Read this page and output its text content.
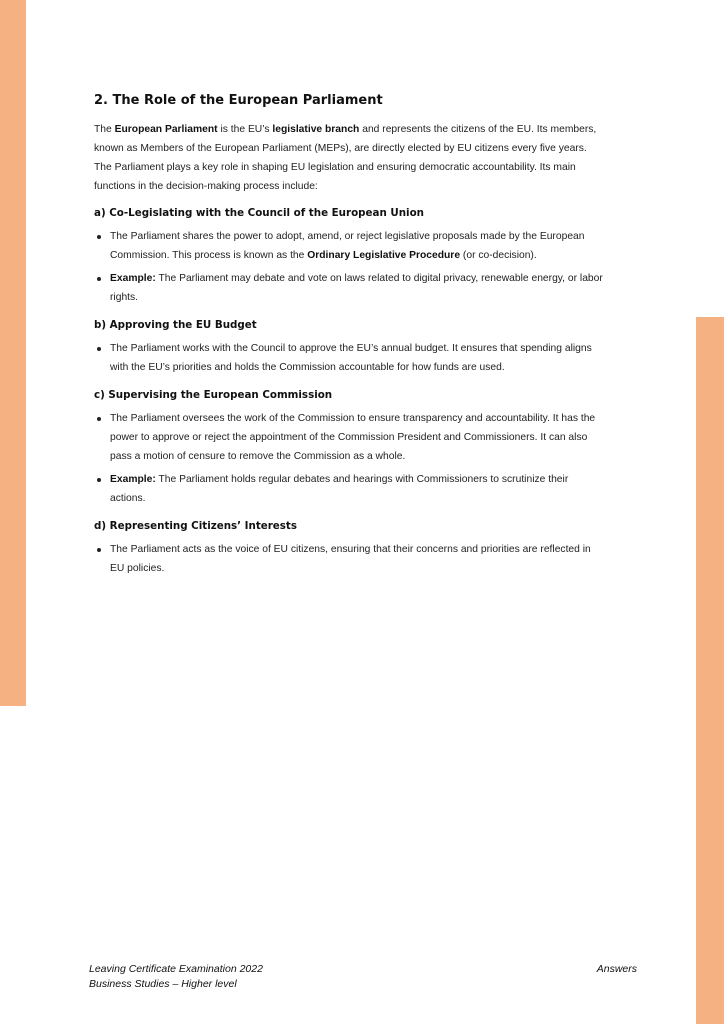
2. The Role of the European Parliament

The European Parliament is the EU’s legislative branch and represents the citizens of the EU. Its members, known as Members of the European Parliament (MEPs), are directly elected by EU citizens every five years. The Parliament plays a key role in shaping EU legislation and ensuring democratic accountability. Its main functions in the decision-making process include:

a) Co-Legislating with the Council of the European Union
The Parliament shares the power to adopt, amend, or reject legislative proposals made by the European Commission. This process is known as the Ordinary Legislative Procedure (or co-decision).
Example: The Parliament may debate and vote on laws related to digital privacy, renewable energy, or labor rights.
b) Approving the EU Budget
The Parliament works with the Council to approve the EU’s annual budget. It ensures that spending aligns with the EU’s priorities and holds the Commission accountable for how funds are used.
c) Supervising the European Commission
The Parliament oversees the work of the Commission to ensure transparency and accountability. It has the power to approve or reject the appointment of the Commission President and Commissioners. It can also pass a motion of censure to remove the Commission as a whole.
Example: The Parliament holds regular debates and hearings with Commissioners to scrutinize their actions.
d) Representing Citizens’ Interests
The Parliament acts as the voice of EU citizens, ensuring that their concerns and priorities are reflected in EU policies.
Leaving Certificate Examination 2022
Business Studies – Higher level
Answers
